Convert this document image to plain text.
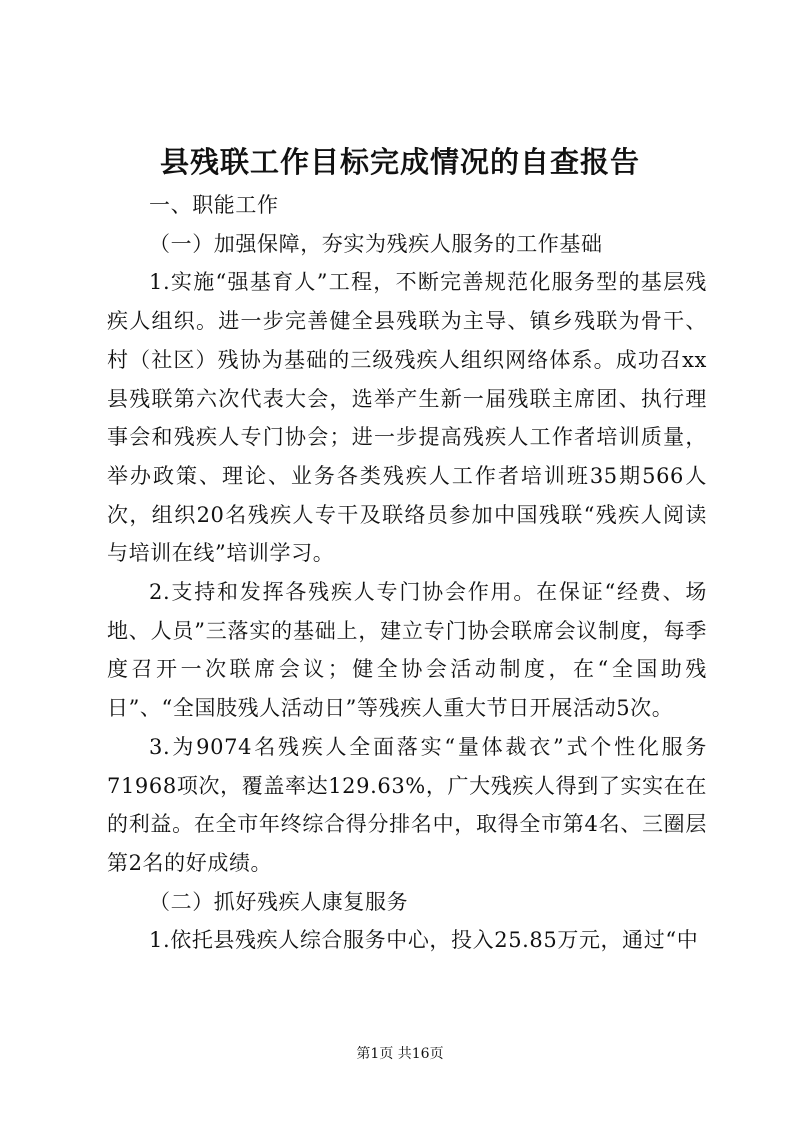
县残联工作目标完成情况的自查报告

一、职能工作

（一）加强保障，夯实为残疾人服务的工作基础

1.实施“强基育人”工程，不断完善规范化服务型的基层残疾人组织。进一步完善健全县残联为主导、镇乡残联为骨干、村（社区）残协为基础的三级残疾人组织网络体系。成功召xx县残联第六次代表大会，选举产生新一届残联主席团、执行理事会和残疾人专门协会；进一步提高残疾人工作者培训质量，举办政策、理论、业务各类残疾人工作者培训班35期566人次，组织20名残疾人专干及联络员参加中国残联“残疾人阅读与培训在线”培训学习。

2.支持和发挥各残疾人专门协会作用。在保证“经费、场地、人员”三落实的基础上，建立专门协会联席会议制度，每季度召开一次联席会议；健全协会活动制度，在“全国助残日”、“全国肢残人活动日”等残疾人重大节日开展活动5次。

3.为9074名残疾人全面落实“量体裁衣”式个性化服务71968项次，覆盖率达129.63%，广大残疾人得到了实实在在的利益。在全市年终综合得分排名中，取得全市第4名、三圈层第2名的好成绩。

（二）抓好残疾人康复服务

1.依托县残疾人综合服务中心，投入25.85万元，通过“中

第1页 共16页
